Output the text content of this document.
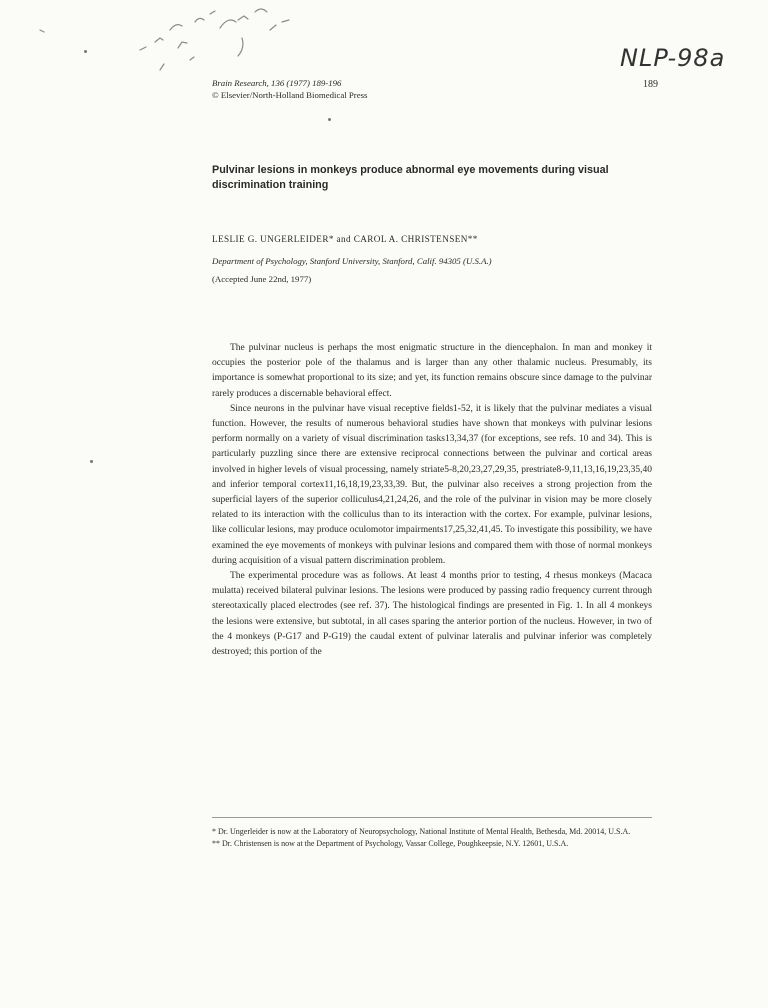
NLP-98a
Brain Research, 136 (1977) 189-196
© Elsevier/North-Holland Biomedical Press
189
Pulvinar lesions in monkeys produce abnormal eye movements during visual discrimination training
LESLIE G. UNGERLEIDER* and CAROL A. CHRISTENSEN**
Department of Psychology, Stanford University, Stanford, Calif. 94305 (U.S.A.)
(Accepted June 22nd, 1977)

The pulvinar nucleus is perhaps the most enigmatic structure in the diencephalon. In man and monkey it occupies the posterior pole of the thalamus and is larger than any other thalamic nucleus. Presumably, its importance is somewhat proportional to its size; and yet, its function remains obscure since damage to the pulvinar rarely produces a discernable behavioral effect.

Since neurons in the pulvinar have visual receptive fields1-52, it is likely that the pulvinar mediates a visual function. However, the results of numerous behavioral studies have shown that monkeys with pulvinar lesions perform normally on a variety of visual discrimination tasks13,34,37 (for exceptions, see refs. 10 and 34). This is particularly puzzling since there are extensive reciprocal connections between the pulvinar and cortical areas involved in higher levels of visual processing, namely striate5-8,20,23,27,29,35, prestriate8-9,11,13,16,19,23,35,40 and inferior temporal cortex11,16,18,19,23,33,39. But, the pulvinar also receives a strong projection from the superficial layers of the superior colliculus4,21,24,26, and the role of the pulvinar in vision may be more closely related to its interaction with the colliculus than to its interaction with the cortex. For example, pulvinar lesions, like collicular lesions, may produce oculomotor impairments17,25,32,41,45. To investigate this possibility, we have examined the eye movements of monkeys with pulvinar lesions and compared them with those of normal monkeys during acquisition of a visual pattern discrimination problem.

The experimental procedure was as follows. At least 4 months prior to testing, 4 rhesus monkeys (Macaca mulatta) received bilateral pulvinar lesions. The lesions were produced by passing radio frequency current through stereotaxically placed electrodes (see ref. 37). The histological findings are presented in Fig. 1. In all 4 monkeys the lesions were extensive, but subtotal, in all cases sparing the anterior portion of the nucleus. However, in two of the 4 monkeys (P-G17 and P-G19) the caudal extent of pulvinar lateralis and pulvinar inferior was completely destroyed; this portion of the

* Dr. Ungerleider is now at the Laboratory of Neuropsychology, National Institute of Mental Health, Bethesda, Md. 20014, U.S.A.

** Dr. Christensen is now at the Department of Psychology, Vassar College, Poughkeepsie, N.Y. 12601, U.S.A.
